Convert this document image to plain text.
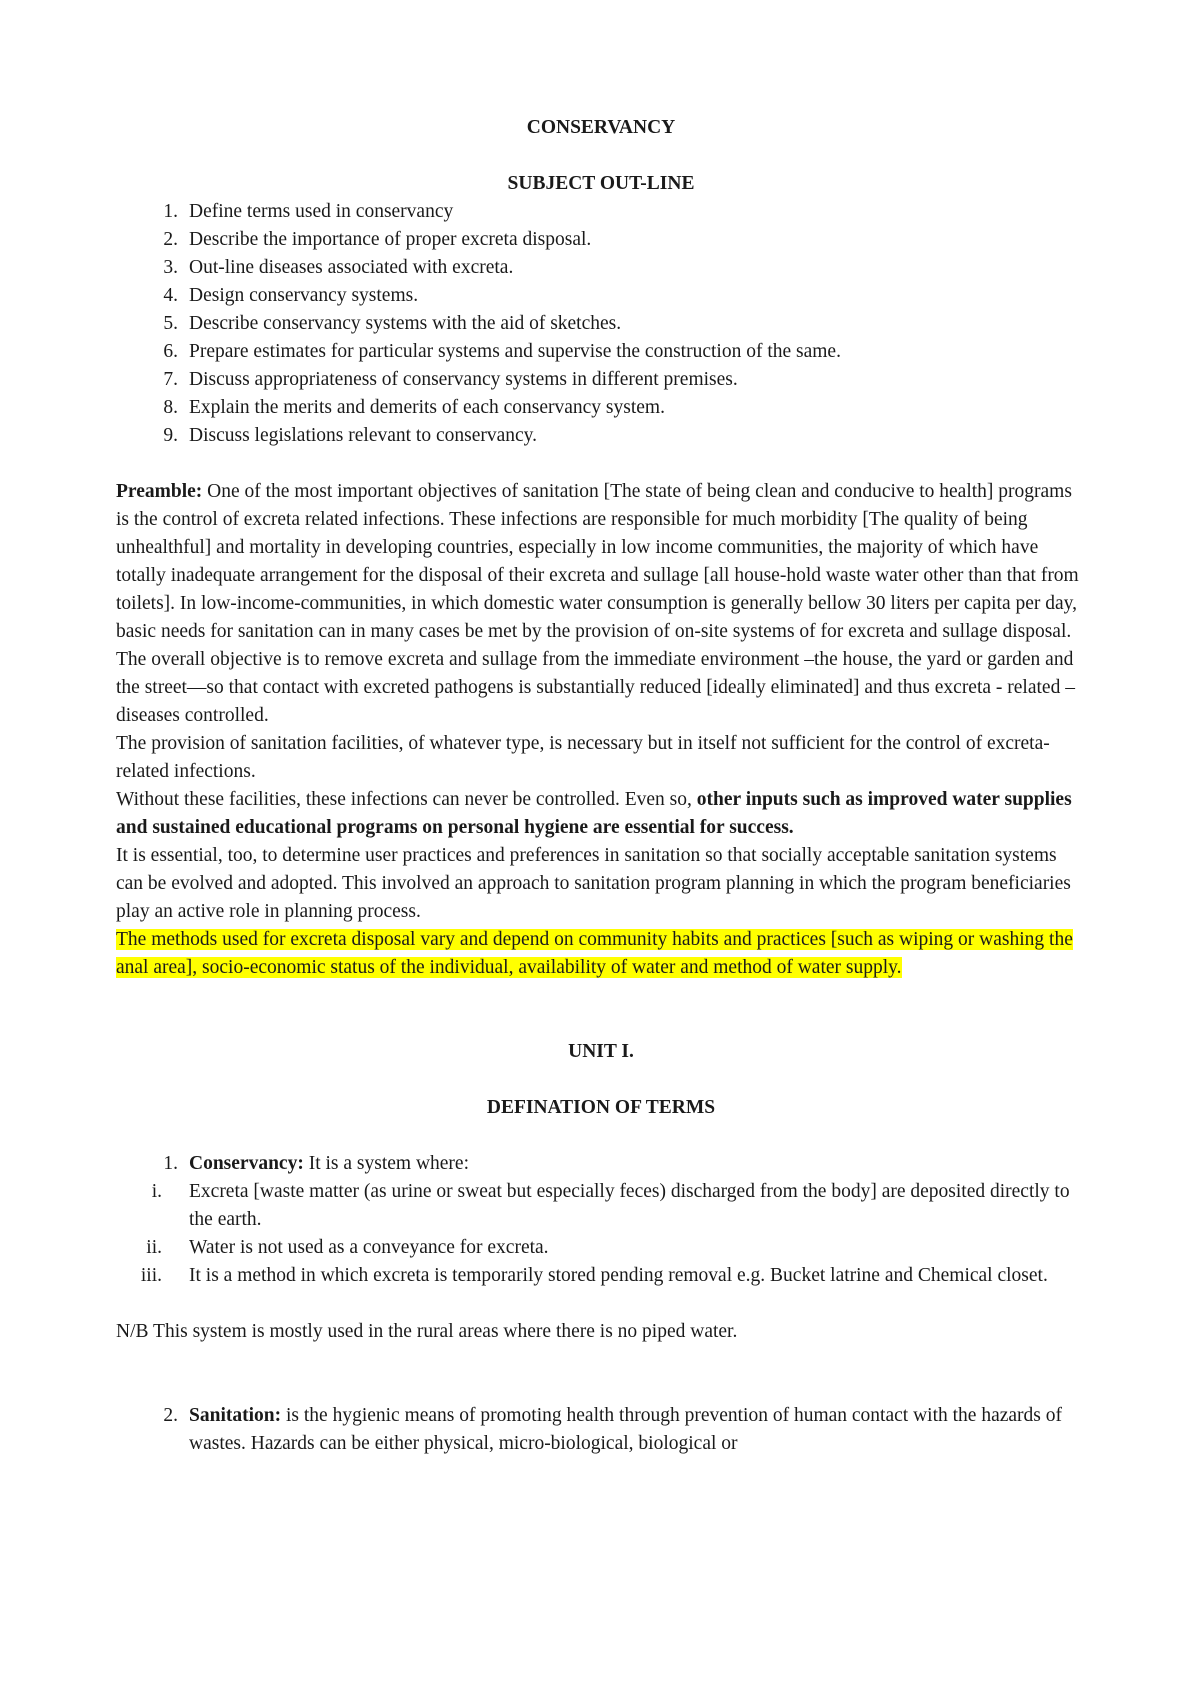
CONSERVANCY
SUBJECT OUT-LINE
1. Define terms used in conservancy
2. Describe the importance of proper excreta disposal.
3. Out-line diseases associated with excreta.
4. Design conservancy systems.
5. Describe conservancy systems with the aid of sketches.
6. Prepare estimates for particular systems and supervise the construction of the same.
7. Discuss appropriateness of conservancy systems in different premises.
8. Explain the merits and demerits of each conservancy system.
9. Discuss legislations relevant to conservancy.

Preamble: One of the most important objectives of sanitation [The state of being clean and conducive to health] programs is the control of excreta related infections. These infections are responsible for much morbidity [The quality of being unhealthful] and mortality in developing countries, especially in low income communities, the majority of which have totally inadequate arrangement for the disposal of their excreta and sullage [all house-hold waste water other than that from toilets]. In low-income-communities, in which domestic water consumption is generally bellow 30 liters per capita per day, basic needs for sanitation can in many cases be met by the provision of on-site systems of for excreta and sullage disposal.

The overall objective is to remove excreta and sullage from the immediate environment –the house, the yard or garden and the street—so that contact with excreted pathogens is substantially reduced [ideally eliminated] and thus excreta - related – diseases controlled.

The provision of sanitation facilities, of whatever type, is necessary but in itself not sufficient for the control of excreta-related infections.

Without these facilities, these infections can never be controlled. Even so, other inputs such as improved water supplies and sustained educational programs on personal hygiene are essential for success.

It is essential, too, to determine user practices and preferences in sanitation so that socially acceptable sanitation systems can be evolved and adopted. This involved an approach to sanitation program planning in which the program beneficiaries play an active role in planning process.

The methods used for excreta disposal vary and depend on community habits and practices [such as wiping or washing the anal area], socio-economic status of the individual, availability of water and method of water supply.

UNIT I.
DEFINATION OF TERMS
1. Conservancy: It is a system where:
i. Excreta [waste matter (as urine or sweat but especially feces) discharged from the body] are deposited directly to the earth.
ii. Water is not used as a conveyance for excreta.
iii. It is a method in which excreta is temporarily stored pending removal e.g. Bucket latrine and Chemical closet.

N/B This system is mostly used in the rural areas where there is no piped water.

2. Sanitation: is the hygienic means of promoting health through prevention of human contact with the hazards of wastes. Hazards can be either physical, micro-biological, biological or
